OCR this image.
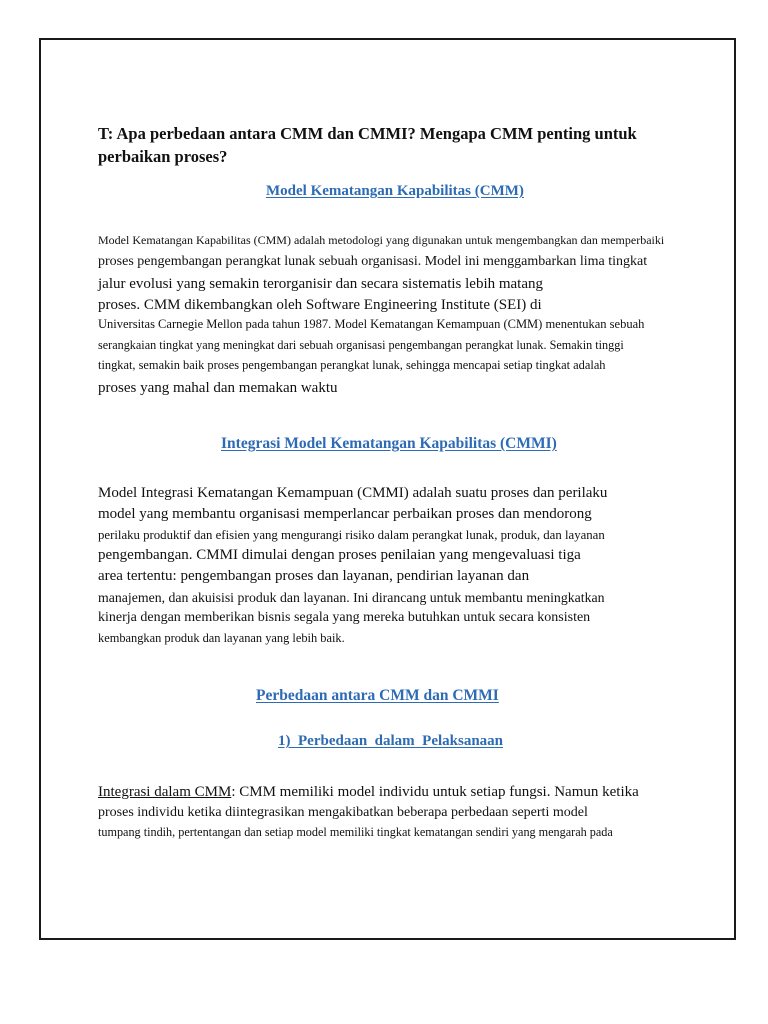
T: Apa perbedaan antara CMM dan CMMI? Mengapa CMM penting untuk
perbaikan proses?
Model Kematangan Kapabilitas (CMM)
Model Kematangan Kapabilitas (CMM) adalah metodologi yang digunakan untuk mengembangkan dan memperbaiki
proses pengembangan perangkat lunak sebuah organisasi. Model ini menggambarkan lima tingkat
jalur evolusi yang semakin terorganisir dan secara sistematis lebih matang
proses. CMM dikembangkan oleh Software Engineering Institute (SEI) di
Universitas Carnegie Mellon pada tahun 1987. Model Kematangan Kemampuan (CMM) menentukan sebuah
serangkaian tingkat yang meningkat dari sebuah organisasi pengembangan perangkat lunak. Semakin tinggi
tingkat, semakin baik proses pengembangan perangkat lunak, sehingga mencapai setiap tingkat adalah
proses yang mahal dan memakan waktu
Integrasi Model Kematangan Kapabilitas (CMMI)
Model Integrasi Kematangan Kemampuan (CMMI) adalah suatu proses dan perilaku
model yang membantu organisasi memperlancar perbaikan proses dan mendorong
perilaku produktif dan efisien yang mengurangi risiko dalam perangkat lunak, produk, dan layanan
pengembangan. CMMI dimulai dengan proses penilaian yang mengevaluasi tiga
area tertentu: pengembangan proses dan layanan, pendirian layanan dan
manajemen, dan akuisisi produk dan layanan. Ini dirancang untuk membantu meningkatkan
kinerja dengan memberikan bisnis segala yang mereka butuhkan untuk secara konsisten
kembangkan produk dan layanan yang lebih baik.
Perbedaan antara CMM dan CMMI
1)  Perbedaan  dalam  Pelaksanaan
Integrasi dalam CMM: CMM memiliki model individu untuk setiap fungsi. Namun ketika
proses individu ketika diintegrasikan mengakibatkan beberapa perbedaan seperti model
tumpang tindih, pertentangan dan setiap model memiliki tingkat kematangan sendiri yang mengarah pada
